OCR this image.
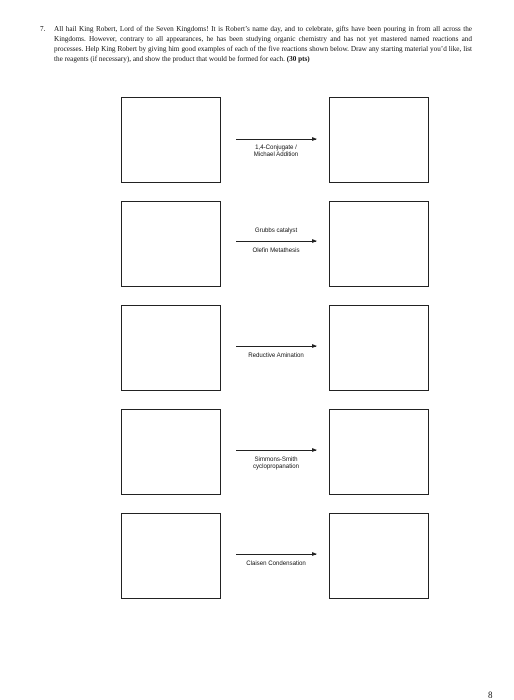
7.	All hail King Robert, Lord of the Seven Kingdoms! It is Robert’s name day, and to celebrate, gifts have been pouring in from all across the Kingdoms. However, contrary to all appearances, he has been studying organic chemistry and has not yet mastered named reactions and processes. Help King Robert by giving him good examples of each of the five reactions shown below. Draw any starting material you’d like, list the reagents (if necessary), and show the product that would be formed for each. (30 pts)
1,4-Conjugate /
Michael Addition
Grubbs catalyst
Olefin Metathesis
Reductive Amination
Simmons-Smith
cyclopropanation
Claisen Condensation
8
